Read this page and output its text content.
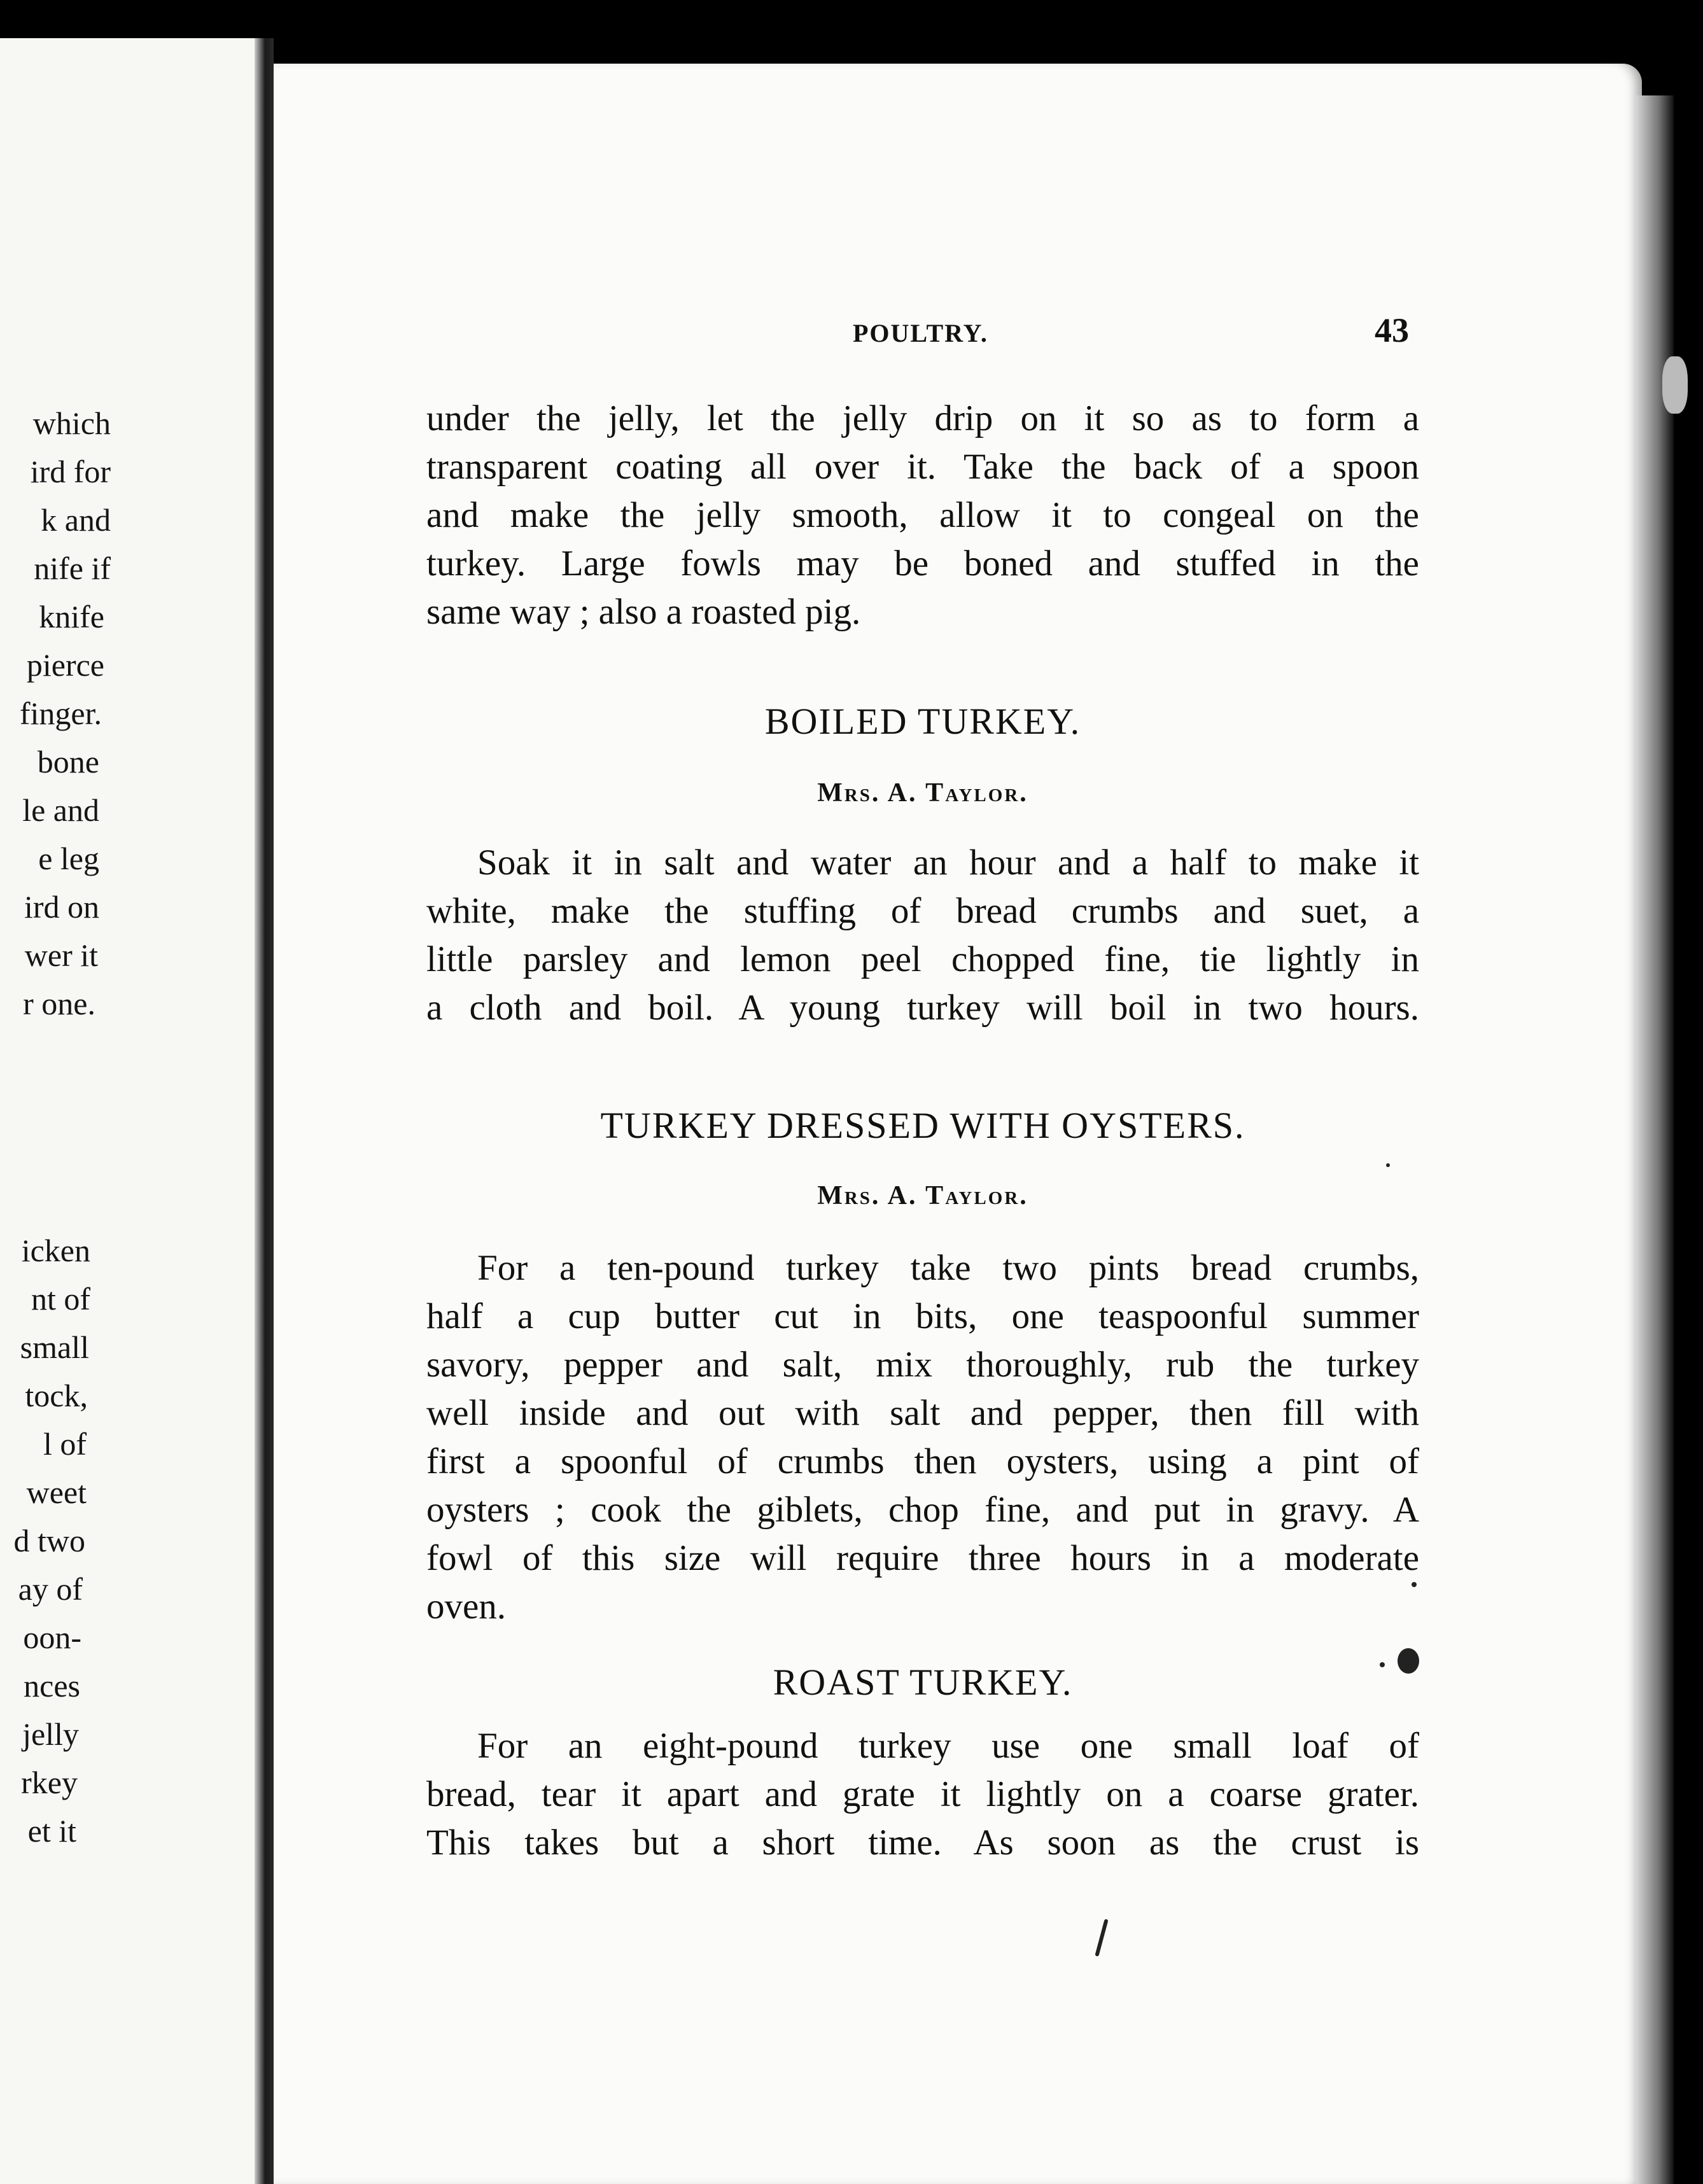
which
ird for
k and
nife if
knife
pierce
finger.
bone
le and
e leg
ird on
wer it
r one.
icken
nt of
small
tock,
l of
weet
d two
ay of
oon-
nces
jelly
rkey
et it
POULTRY.	43
under the jelly, let the jelly drip on it so as to form a
transparent coating all over it. Take the back of a spoon
and make the jelly smooth, allow it to congeal on the
turkey. Large fowls may be boned and stuffed in the
same way ; also a roasted pig.
BOILED TURKEY.
Mrs. A. Taylor.
Soak it in salt and water an hour and a half to make it
white, make the stuffing of bread crumbs and suet, a
little parsley and lemon peel chopped fine, tie lightly in
a cloth and boil. A young turkey will boil in two hours.
TURKEY DRESSED WITH OYSTERS.
Mrs. A. Taylor.
For a ten-pound turkey take two pints bread crumbs,
half a cup butter cut in bits, one teaspoonful summer
savory, pepper and salt, mix thoroughly, rub the turkey
well inside and out with salt and pepper, then fill with
first a spoonful of crumbs then oysters, using a pint of
oysters ; cook the giblets, chop fine, and put in gravy. A
fowl of this size will require three hours in a moderate
oven.
ROAST TURKEY.
For an eight-pound turkey use one small loaf of
bread, tear it apart and grate it lightly on a coarse grater.
This takes but a short time. As soon as the crust is
